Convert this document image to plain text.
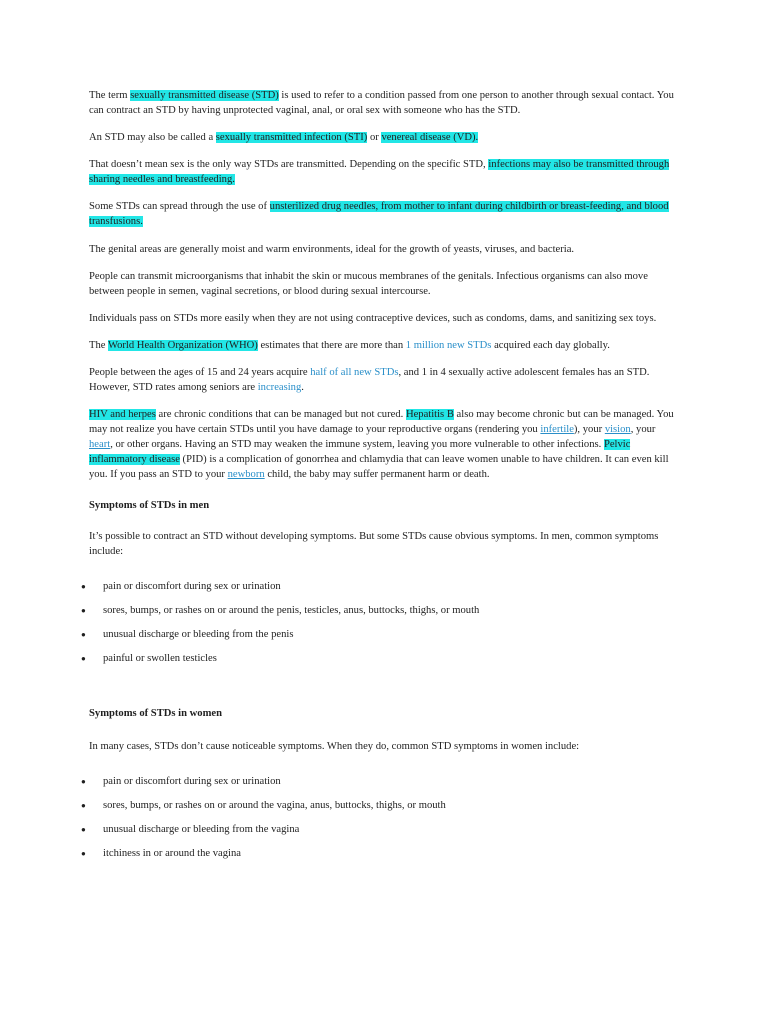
The term sexually transmitted disease (STD) is used to refer to a condition passed from one person to another through sexual contact. You can contract an STD by having unprotected vaginal, anal, or oral sex with someone who has the STD.

An STD may also be called a sexually transmitted infection (STI) or venereal disease (VD).

That doesn’t mean sex is the only way STDs are transmitted. Depending on the specific STD, infections may also be transmitted through sharing needles and breastfeeding.

Some STDs can spread through the use of unsterilized drug needles, from mother to infant during childbirth or breast-feeding, and blood transfusions.

The genital areas are generally moist and warm environments, ideal for the growth of yeasts, viruses, and bacteria.

People can transmit microorganisms that inhabit the skin or mucous membranes of the genitals. Infectious organisms can also move between people in semen, vaginal secretions, or blood during sexual intercourse.

Individuals pass on STDs more easily when they are not using contraceptive devices, such as condoms, dams, and sanitizing sex toys.

The World Health Organization (WHO) estimates that there are more than 1 million new STDs acquired each day globally.

People between the ages of 15 and 24 years acquire half of all new STDs, and 1 in 4 sexually active adolescent females has an STD. However, STD rates among seniors are increasing.

HIV and herpes are chronic conditions that can be managed but not cured. Hepatitis B also may become chronic but can be managed. You may not realize you have certain STDs until you have damage to your reproductive organs (rendering you infertile), your vision, your heart, or other organs. Having an STD may weaken the immune system, leaving you more vulnerable to other infections. Pelvic inflammatory disease (PID) is a complication of gonorrhea and chlamydia that can leave women unable to have children. It can even kill you. If you pass an STD to your newborn child, the baby may suffer permanent harm or death.

Symptoms of STDs in men

It’s possible to contract an STD without developing symptoms. But some STDs cause obvious symptoms. In men, common symptoms include:

● pain or discomfort during sex or urination
● sores, bumps, or rashes on or around the penis, testicles, anus, buttocks, thighs, or mouth
● unusual discharge or bleeding from the penis
● painful or swollen testicles
Symptoms of STDs in women

In many cases, STDs don’t cause noticeable symptoms. When they do, common STD symptoms in women include:

● pain or discomfort during sex or urination
● sores, bumps, or rashes on or around the vagina, anus, buttocks, thighs, or mouth
● unusual discharge or bleeding from the vagina
● itchiness in or around the vagina
